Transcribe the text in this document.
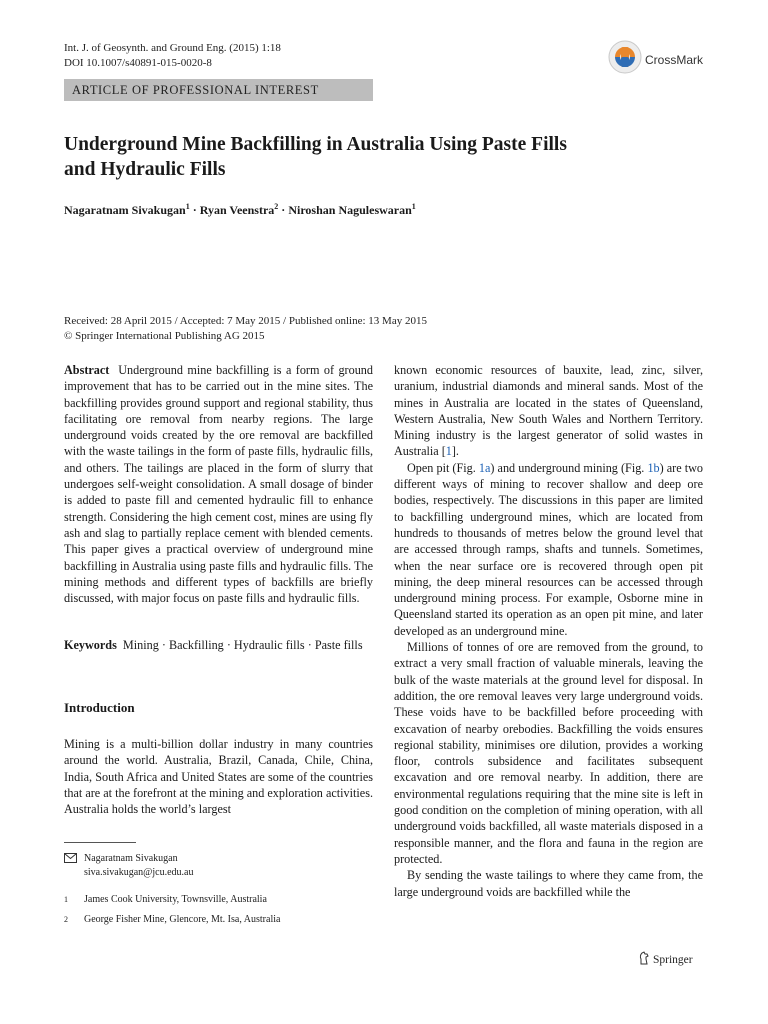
Int. J. of Geosynth. and Ground Eng. (2015) 1:18
DOI 10.1007/s40891-015-0020-8	CrossMark
ARTICLE OF PROFESSIONAL INTEREST
Underground Mine Backfilling in Australia Using Paste Fills
and Hydraulic Fills
Nagaratnam Sivakugan$^1$ · Ryan Veenstra$^2$ · Niroshan Naguleswaran$^1$
Received: 28 April 2015 / Accepted: 7 May 2015 / Published online: 13 May 2015
© Springer International Publishing AG 2015

Abstract Underground mine backfilling is a form of ground improvement that has to be carried out in the mine sites. The backfilling provides ground support and regional stability, thus facilitating ore removal from nearby regions. The large underground voids created by the ore removal are backfilled with the waste tailings in the form of paste fills, hydraulic fills, and others. The tailings are placed in the form of slurry that undergoes self-weight consolidation. A small dosage of binder is added to paste fill and cemented hydraulic fill to enhance strength. Considering the high cement cost, mines are using fly ash and slag to partially replace cement with blended cements. This paper gives a practical overview of underground mine backfilling in Australia using paste fills and hydraulic fills. The mining methods and different types of backfills are briefly discussed, with major focus on paste fills and hydraulic fills.

Keywords Mining · Backfilling · Hydraulic fills · Paste fills

Introduction

Mining is a multi-billion dollar industry in many countries around the world. Australia, Brazil, Canada, Chile, China, India, South Africa and United States are some of the countries that are at the forefront at the mining and exploration activities. Australia holds the world’s largest

Nagaratnam Sivakugan
siva.sivakugan@jcu.edu.au
1 James Cook University, Townsville, Australia
2 George Fisher Mine, Glencore, Mt. Isa, Australia

known economic resources of bauxite, lead, zinc, silver, uranium, industrial diamonds and mineral sands. Most of the mines in Australia are located in the states of Queensland, Western Australia, New South Wales and Northern Territory. Mining industry is the largest generator of solid wastes in Australia [1].

Open pit (Fig. 1a) and underground mining (Fig. 1b) are two different ways of mining to recover shallow and deep ore bodies, respectively. The discussions in this paper are limited to backfilling underground mines, which are located from hundreds to thousands of metres below the ground level that are accessed through ramps, shafts and tunnels. Sometimes, when the near surface ore is recovered through open pit mining, the deep mineral resources can be accessed through underground mining process. For example, Osborne mine in Queensland started its operation as an open pit mine, and later developed as an underground mine.

Millions of tonnes of ore are removed from the ground, to extract a very small fraction of valuable minerals, leaving the bulk of the waste materials at the ground level for disposal. In addition, the ore removal leaves very large underground voids. These voids have to be backfilled before proceeding with excavation of nearby orebodies. Backfilling the voids ensures regional stability, minimises ore dilution, provides a working floor, controls subsidence and facilitates subsequent excavation and ore removal nearby. In addition, there are environmental regulations requiring that the mine site is left in good condition on the completion of mining operation, with all underground voids backfilled, all waste materials disposed in a responsible manner, and the flora and fauna in the region are protected.

By sending the waste tailings to where they came from, the large underground voids are backfilled while the

Springer
